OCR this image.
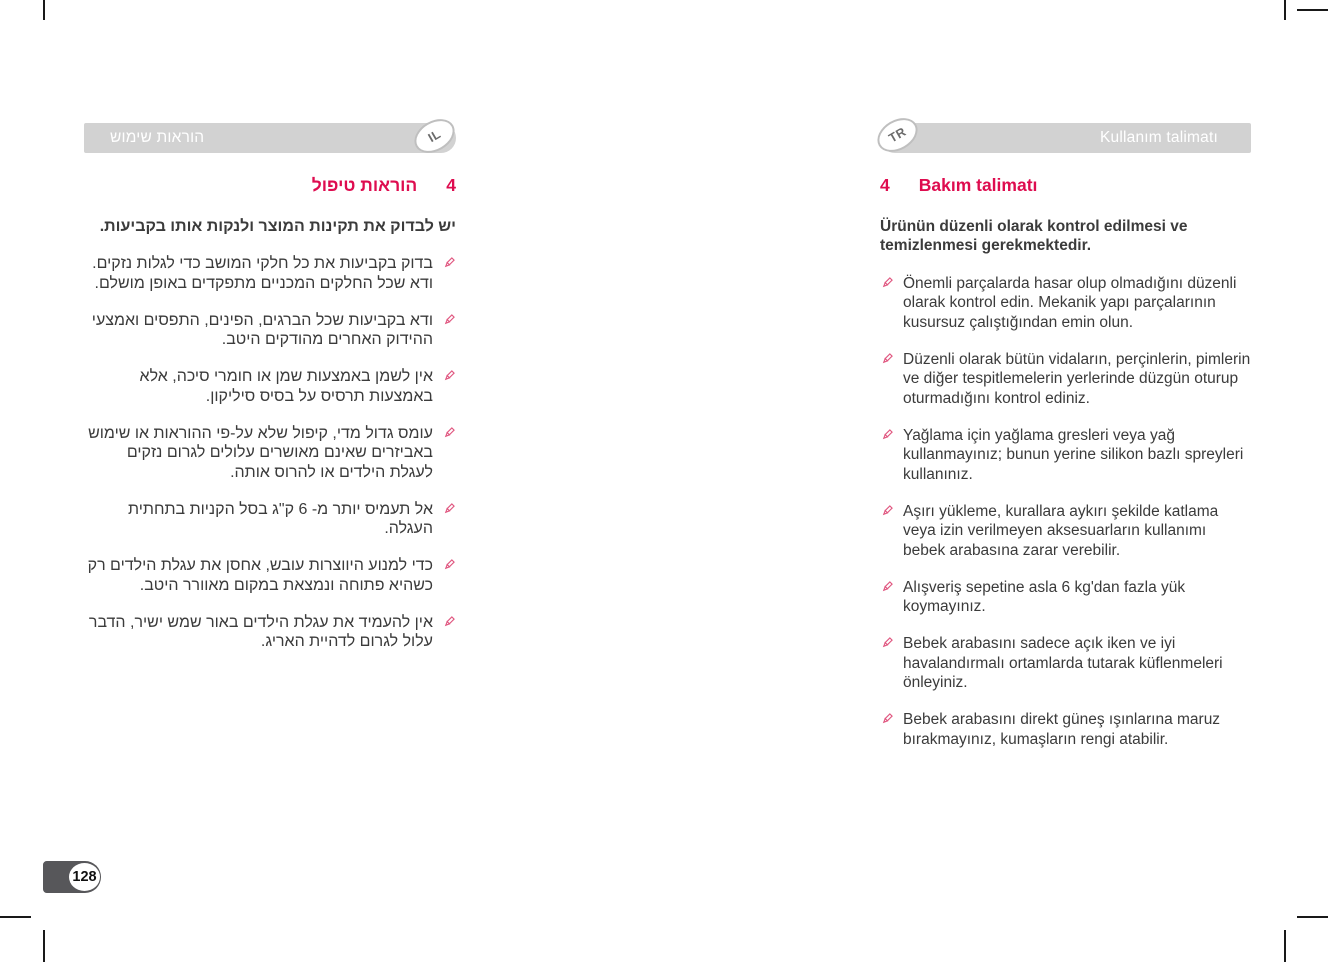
הוראות שימוש	IL	Kullanım talimatı
TR
4
הוראות טיפול

יש לבדוק את תקינות המוצר ולנקות אותו בקביעות.

בדוק בקביעות את כל חלקי המושב כדי לגלות נזקים. ודא שכל החלקים המכניים מתפקדים באופן מושלם.
ודא בקביעות שכל הברגים, הפינים, התפסים ואמצעי ההידוק האחרים מהודקים היטב.
אין לשמן באמצעות שמן או חומרי סיכה, אלא באמצעות תרסיס על בסיס סיליקון.
עומס גדול מדי, קיפול שלא על-פי ההוראות או שימוש באביזרים שאינם מאושרים עלולים לגרום נזקים לעגלת הילדים או להרוס אותה.
אל תעמיס יותר מ- 6 ק"ג בסל הקניות בתחתית העגלה.
כדי למנוע היווצרות עובש, אחסן את עגלת הילדים רק כשהיא פתוחה ונמצאת במקום מאוורר היטב.
אין להעמיד את עגלת הילדים באור שמש ישיר, הדבר עלול לגרום לדהיית האריג.
4 Bakım talimatı

Ürünün düzenli olarak kontrol edilmesi ve temizlenmesi gerekmektedir.

Önemli parçalarda hasar olup olmadığını düzenli olarak kontrol edin. Mekanik yapı parçalarının kusursuz çalıştığından emin olun.
Düzenli olarak bütün vidaların, perçinlerin, pimlerin ve diğer tespitlemelerin yerlerinde düzgün oturup oturmadığını kontrol ediniz.
Yağlama için yağlama gresleri veya yağ kullanmayınız; bunun yerine silikon bazlı spreyleri kullanınız.
Aşırı yükleme, kurallara aykırı şekilde katlama veya izin verilmeyen aksesuarların kullanımı bebek arabasına zarar verebilir.
Alışveriş sepetine asla 6 kg'dan fazla yük koymayınız.
Bebek arabasını sadece açık iken ve iyi havalandırmalı ortamlarda tutarak küflenmeleri önleyiniz.
Bebek arabasını direkt güneş ışınlarına maruz bırakmayınız, kumaşların rengi atabilir.
128
